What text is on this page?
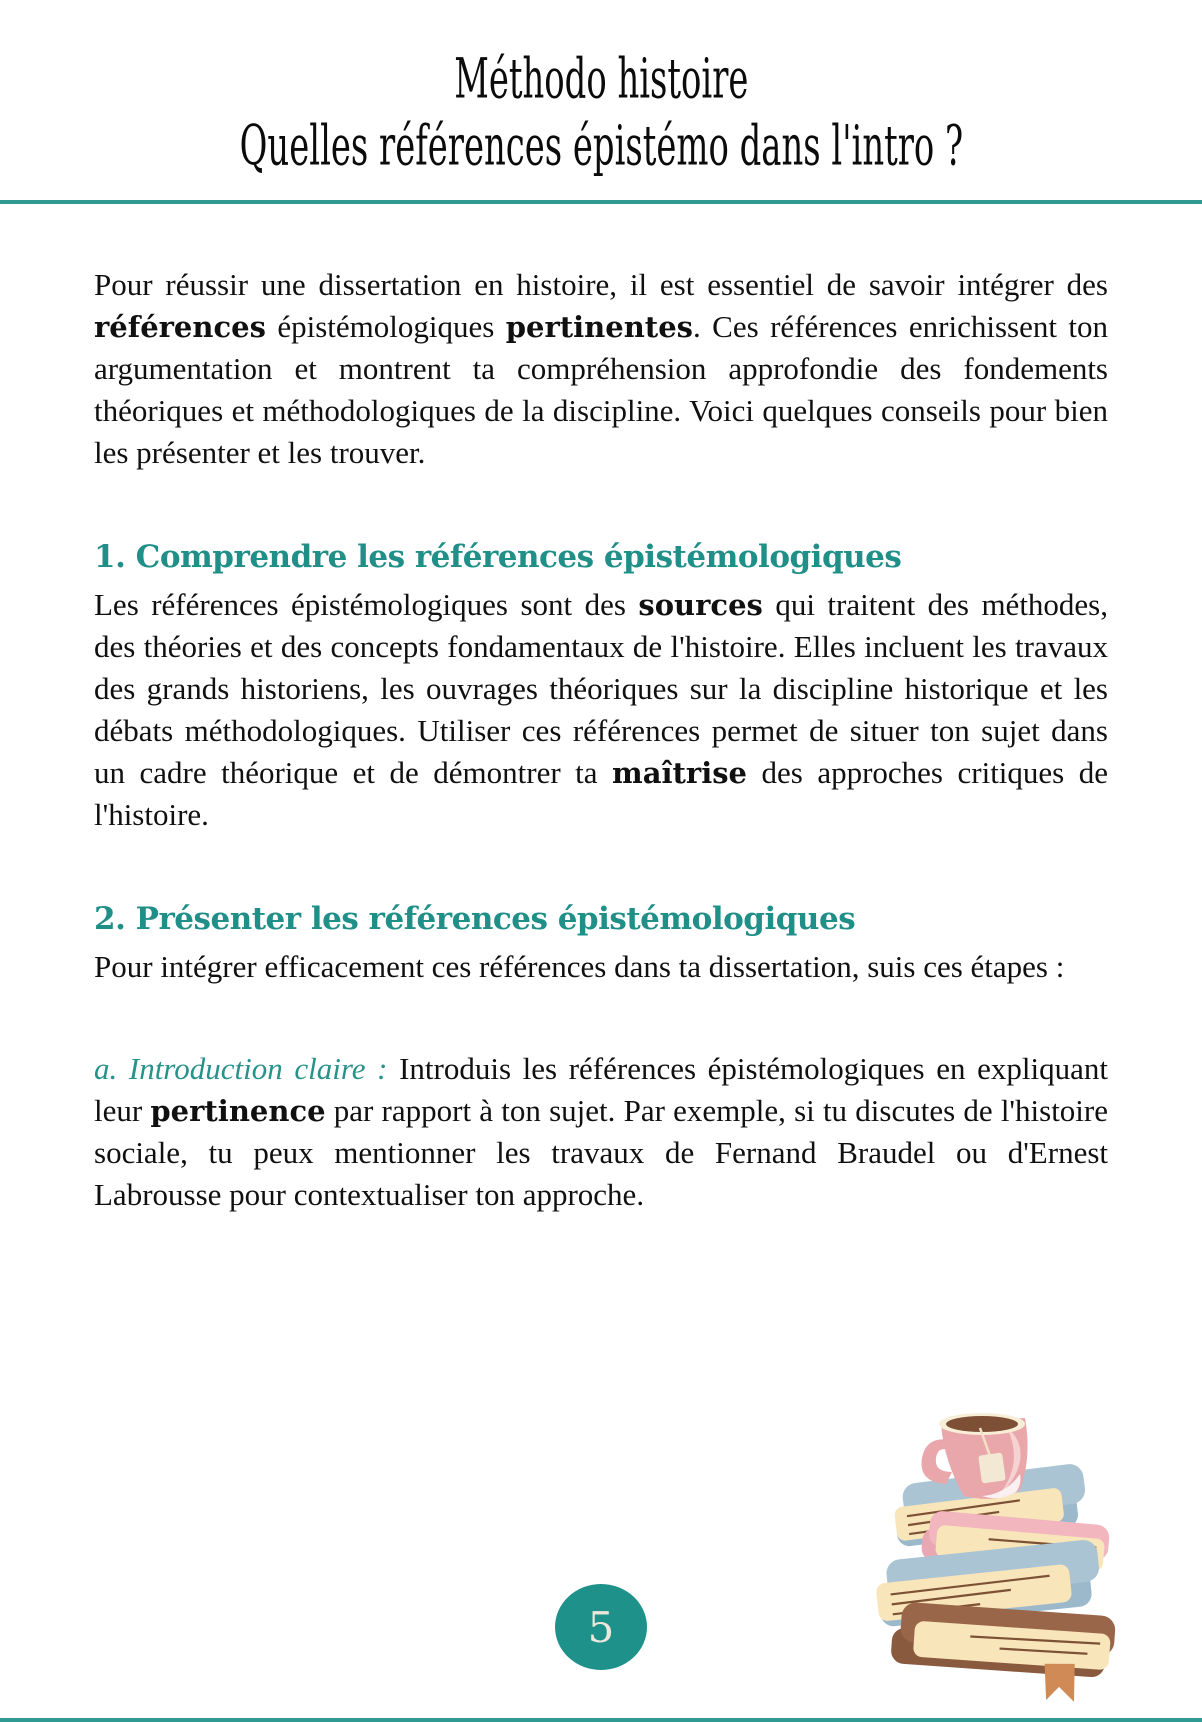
Méthodo histoire
Quelles références épistémo dans l'intro ?

Pour réussir une dissertation en histoire, il est essentiel de savoir intégrer des références épistémologiques pertinentes. Ces références enrichissent ton argumentation et montrent ta compréhension approfondie des fondements théoriques et méthodologiques de la discipline. Voici quelques conseils pour bien les présenter et les trouver.

1. Comprendre les références épistémologiques

Les références épistémologiques sont des sources qui traitent des méthodes, des théories et des concepts fondamentaux de l'histoire. Elles incluent les travaux des grands historiens, les ouvrages théoriques sur la discipline historique et les débats méthodologiques. Utiliser ces références permet de situer ton sujet dans un cadre théorique et de démontrer ta maîtrise des approches critiques de l'histoire.

2. Présenter les références épistémologiques

Pour intégrer efficacement ces références dans ta dissertation, suis ces étapes :

a. Introduction claire : Introduis les références épistémologiques en expliquant leur pertinence par rapport à ton sujet. Par exemple, si tu discutes de l'histoire sociale, tu peux mentionner les travaux de Fernand Braudel ou d'Ernest Labrousse pour contextualiser ton approche.

5
